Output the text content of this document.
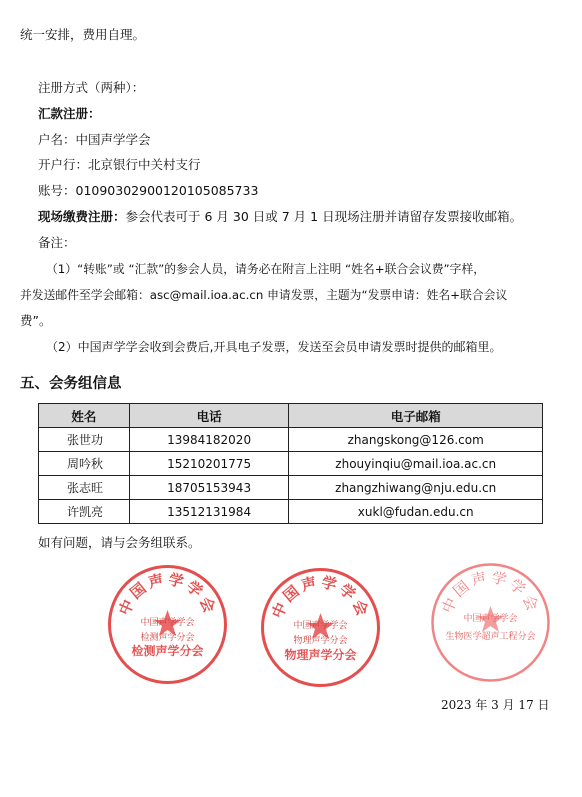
统一安排，费用自理。
注册方式（两种）：
汇款注册：
户名：中国声学学会
开户行：北京银行中关村支行
账号：01090302900120105085733
现场缴费注册：参会代表可于 6 月 30 日或 7 月 1 日现场注册并请留存发票接收邮箱。
备注：
（1）“转账”或 “汇款”的参会人员，请务必在附言上注明 “姓名+联合会议费”字样，
并发送邮件至学会邮箱：asc@mail.ioa.ac.cn 申请发票，主题为“发票申请：姓名+联合会议
费”。
（2）中国声学学会收到会费后,开具电子发票，发送至会员申请发票时提供的邮箱里。
五、会务组信息
姓名	电话	电子邮箱
张世功	13984182020	zhangskong@126.com
周吟秋	15210201775	zhouyinqiu@mail.ioa.ac.cn
张志旺	18705153943	zhangzhiwang@nju.edu.cn
许凯亮	13512131984	xukl@fudan.edu.cn
如有问题，请与会务组联系。
中国声学学会
中国声学学会
检测声学分会
检测声学分会
中国声学学会
中国声学学会
物理声学分会
物理声学分会
中国声学学会
中国声学学会
生物医学超声工程分会
2023 年 3 月 17 日
